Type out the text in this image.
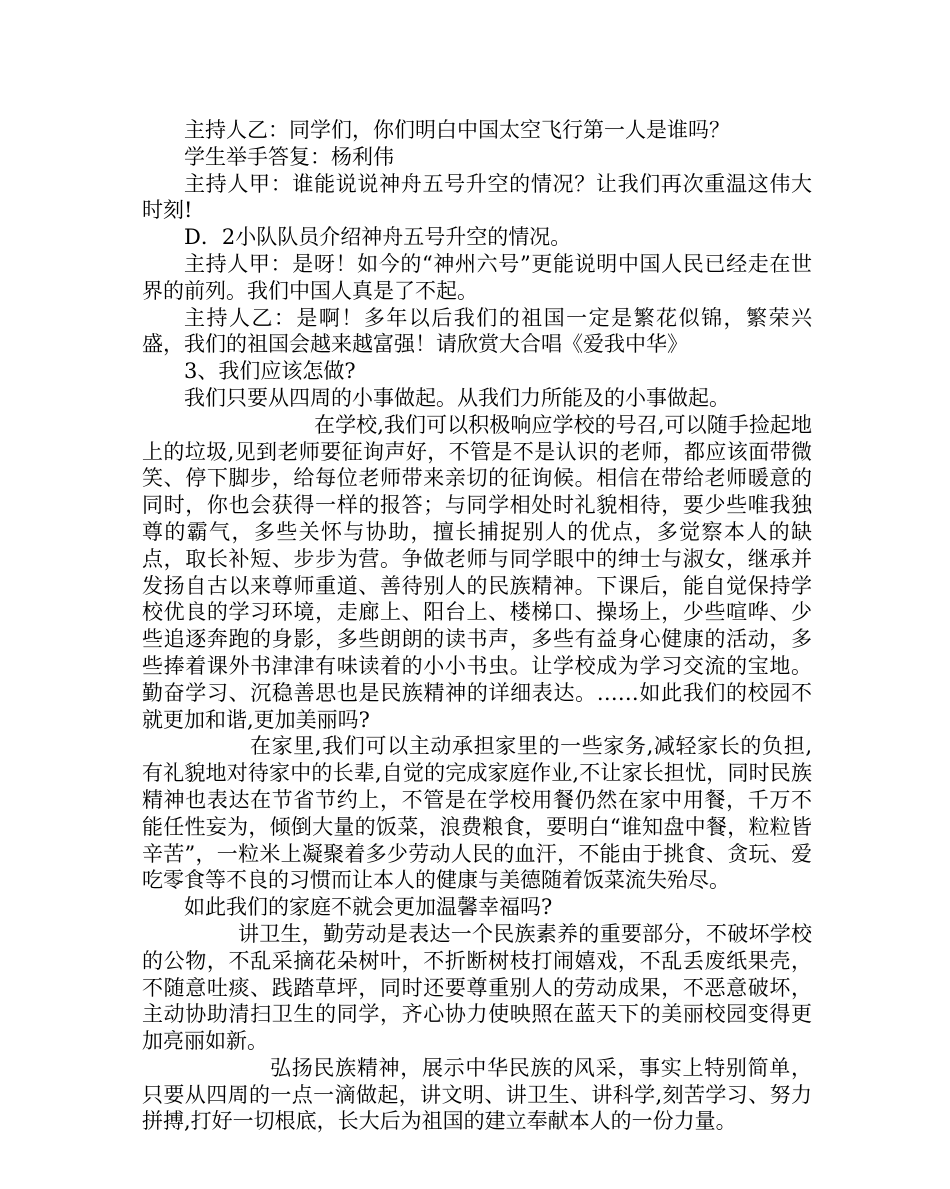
主持人乙：同学们，你们明白中国太空飞行第一人是谁吗？

学生举手答复：杨利伟

主持人甲：谁能说说神舟五号升空的情况？让我们再次重温这伟大时刻!

D．2小队队员介绍神舟五号升空的情况。

主持人甲：是呀！如今的“神州六号”更能说明中国人民已经走在世界的前列。我们中国人真是了不起。

主持人乙：是啊！多年以后我们的祖国一定是繁花似锦，繁荣兴盛，我们的祖国会越来越富强！请欣赏大合唱《爱我中华》

3、我们应该怎做?

我们只要从四周的小事做起。从我们力所能及的小事做起。

在学校,我们可以积极响应学校的号召,可以随手捡起地上的垃圾,见到老师要征询声好，不管是不是认识的老师，都应该面带微笑、停下脚步，给每位老师带来亲切的征询候。相信在带给老师暖意的同时，你也会获得一样的报答；与同学相处时礼貌相待，要少些唯我独尊的霸气，多些关怀与协助，擅长捕捉别人的优点，多觉察本人的缺点，取长补短、步步为营。争做老师与同学眼中的绅士与淑女，继承并发扬自古以来尊师重道、善待别人的民族精神。下课后，能自觉保持学校优良的学习环境，走廊上、阳台上、楼梯口、操场上，少些喧哗、少些追逐奔跑的身影，多些朗朗的读书声，多些有益身心健康的活动，多些捧着课外书津津有味读着的小小书虫。让学校成为学习交流的宝地。勤奋学习、沉稳善思也是民族精神的详细表达。……如此我们的校园不就更加和谐,更加美丽吗?

在家里,我们可以主动承担家里的一些家务,减轻家长的负担,有礼貌地对待家中的长辈,自觉的完成家庭作业,不让家长担忧，同时民族精神也表达在节省节约上，不管是在学校用餐仍然在家中用餐，千万不能任性妄为，倾倒大量的饭菜，浪费粮食，要明白“谁知盘中餐，粒粒皆辛苦”，一粒米上凝聚着多少劳动人民的血汗，不能由于挑食、贪玩、爱吃零食等不良的习惯而让本人的健康与美德随着饭菜流失殆尽。

如此我们的家庭不就会更加温馨幸福吗?

讲卫生，勤劳动是表达一个民族素养的重要部分，不破坏学校的公物，不乱采摘花朵树叶，不折断树枝打闹嬉戏，不乱丢废纸果壳，不随意吐痰、践踏草坪，同时还要尊重别人的劳动成果，不恶意破坏，主动协助清扫卫生的同学，齐心协力使映照在蓝天下的美丽校园变得更加亮丽如新。

弘扬民族精神，展示中华民族的风采，事实上特别简单，只要从四周的一点一滴做起，讲文明、讲卫生、讲科学,刻苦学习、努力拼搏,打好一切根底，长大后为祖国的建立奉献本人的一份力量。
